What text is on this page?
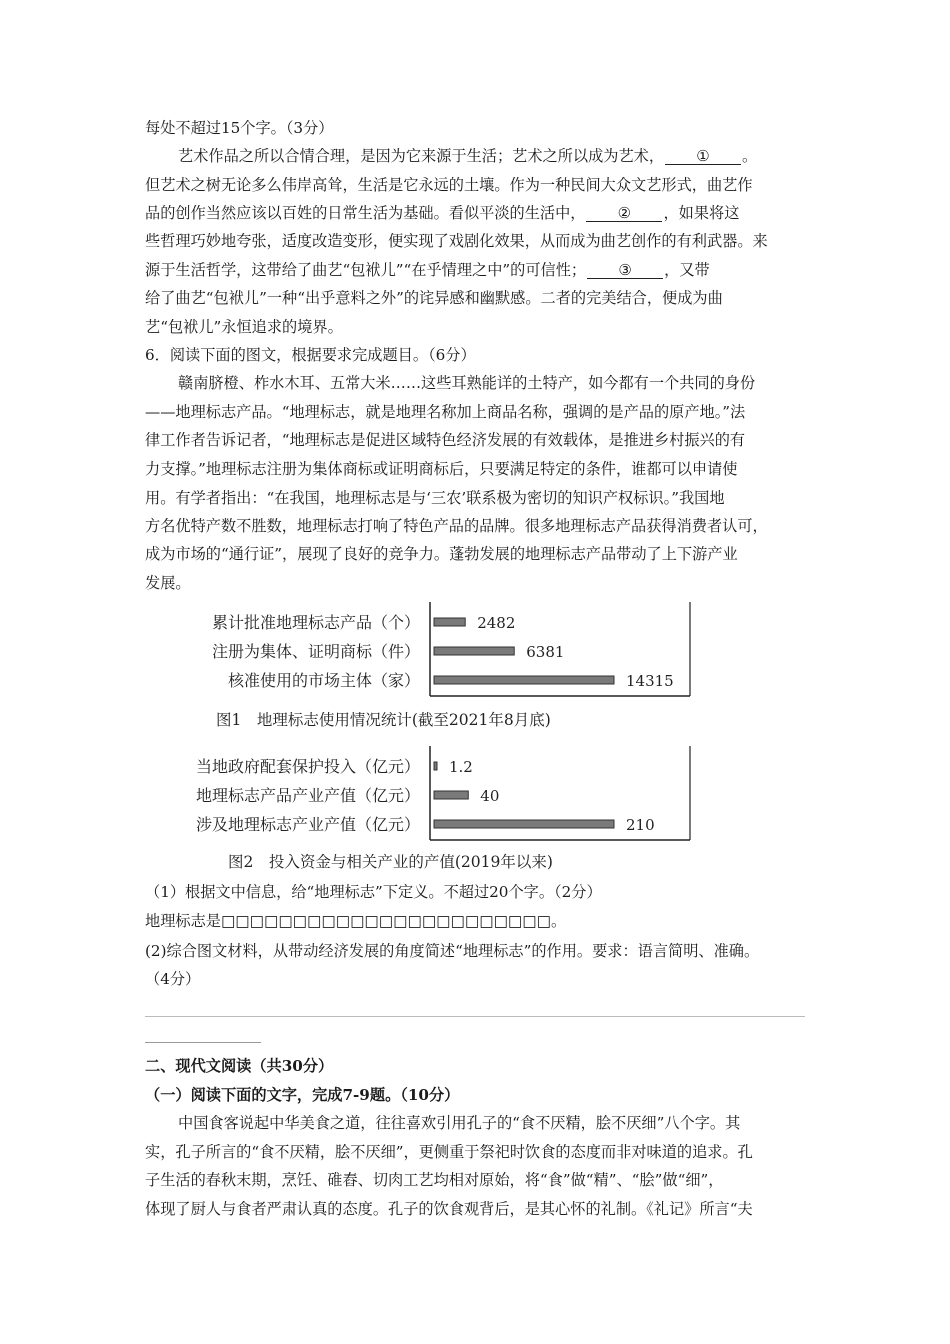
每处不超过15个字。（3分）
艺术作品之所以合情合理，是因为它来源于生活；艺术之所以成为艺术， ① 。
但艺术之树无论多么伟岸高耸，生活是它永远的土壤。作为一种民间大众文艺形式，曲艺作
品的创作当然应该以百姓的日常生活为基础。看似平淡的生活中， ② ，如果将这
些哲理巧妙地夸张，适度改造变形，便实现了戏剧化效果，从而成为曲艺创作的有利武器。来
源于生活哲学，这带给了曲艺“包袱儿”“在乎情理之中”的可信性； ③ ，又带
给了曲艺“包袱儿”一种“出乎意料之外”的诧异感和幽默感。二者的完美结合，便成为曲
艺“包袱儿”永恒追求的境界。
6．阅读下面的图文，根据要求完成题目。（6分）
赣南脐橙、柞水木耳、五常大米……这些耳熟能详的土特产，如今都有一个共同的身份
——地理标志产品。“地理标志，就是地理名称加上商品名称，强调的是产品的原产地。”法
律工作者告诉记者，“地理标志是促进区域特色经济发展的有效载体，是推进乡村振兴的有
力支撑。”地理标志注册为集体商标或证明商标后，只要满足特定的条件，谁都可以申请使
用。有学者指出：“在我国，地理标志是与‘三农’联系极为密切的知识产权标识。”我国地
方名优特产数不胜数，地理标志打响了特色产品的品牌。很多地理标志产品获得消费者认可，
成为市场的“通行证”，展现了良好的竞争力。蓬勃发展的地理标志产品带动了上下游产业
发展。
累计批准地理标志产品（个）	2482
注册为集体、证明商标（件）	6381
核准使用的市场主体（家）	14315
图1　地理标志使用情况统计(截至2021年8月底)
当地政府配套保护投入（亿元） 1.2
地理标志产品产业产值（亿元）	40
涉及地理标志产业产值（亿元）	210
图2　投入资金与相关产业的产值(2019年以来)
（1）根据文中信息，给“地理标志”下定义。不超过20个字。（2分）
地理标志是□□□□□□□□□□□□□□□□□□□□□□□。
(2)综合图文材料，从带动经济发展的角度简述“地理标志”的作用。要求：语言简明、准确。
（4分）
二、现代文阅读（共30分）
（一）阅读下面的文字，完成7-9题。（10分）
中国食客说起中华美食之道，往往喜欢引用孔子的“食不厌精，脍不厌细”八个字。其
实，孔子所言的“食不厌精，脍不厌细”，更侧重于祭祀时饮食的态度而非对味道的追求。孔
子生活的春秋末期，烹饪、碓舂、切肉工艺均相对原始，将“食”做“精”、“脍”做“细”，
体现了厨人与食者严肃认真的态度。孔子的饮食观背后，是其心怀的礼制。《礼记》所言“夫
